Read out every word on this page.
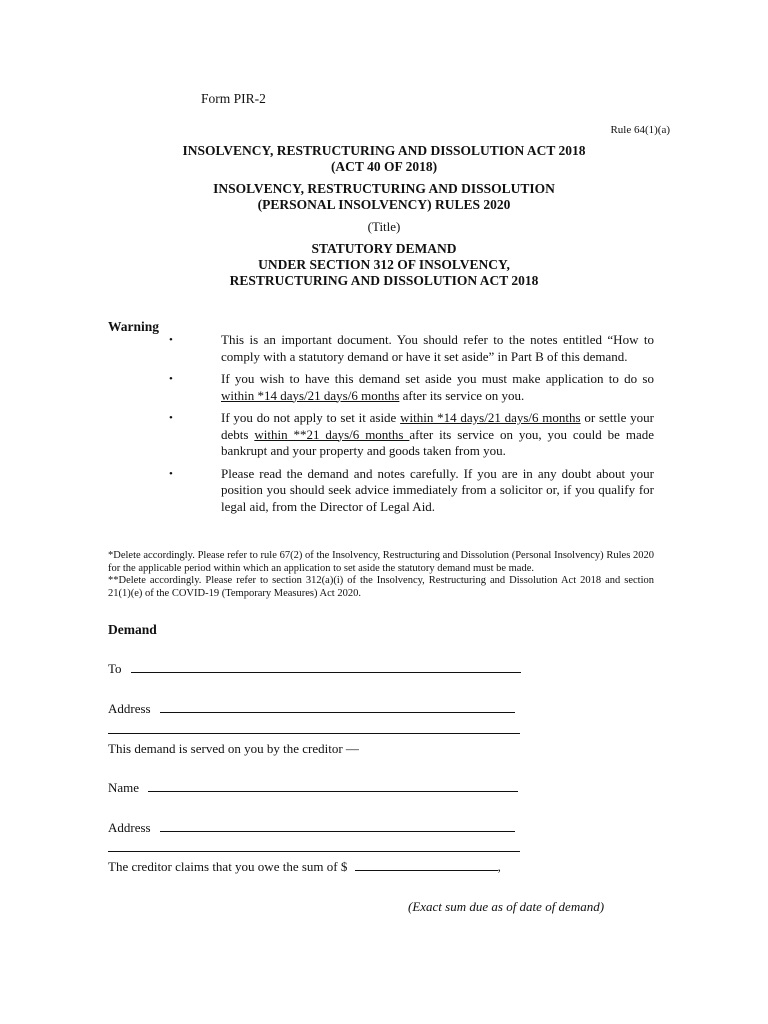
Form PIR-2
Rule 64(1)(a)
INSOLVENCY, RESTRUCTURING AND DISSOLUTION ACT 2018
(ACT 40 OF 2018)
INSOLVENCY, RESTRUCTURING AND DISSOLUTION
(PERSONAL INSOLVENCY) RULES 2020
(Title)
STATUTORY DEMAND
UNDER SECTION 312 OF INSOLVENCY,
RESTRUCTURING AND DISSOLUTION ACT 2018
Warning
•	This is an important document. You should refer to the notes entitled “How to comply with a statutory demand or have it set aside” in Part B of this demand.
•	If you wish to have this demand set aside you must make application to do so within *14 days/21 days/6 months after its service on you.
•	If you do not apply to set it aside within *14 days/21 days/6 months or settle your debts within **21 days/6 months after its service on you, you could be made bankrupt and your property and goods taken from you.
•	Please read the demand and notes carefully. If you are in any doubt about your position you should seek advice immediately from a solicitor or, if you qualify for legal aid, from the Director of Legal Aid.

*Delete accordingly. Please refer to rule 67(2) of the Insolvency, Restructuring and Dissolution (Personal Insolvency) Rules 2020 for the applicable period within which an application to set aside the statutory demand must be made.

**Delete accordingly. Please refer to section 312(a)(i) of the Insolvency, Restructuring and Dissolution Act 2018 and section 21(1)(e) of the COVID-19 (Temporary Measures) Act 2020.

Demand
To
Address
This demand is served on you by the creditor —
Name
Address
The creditor claims that you owe the sum of $	,
(Exact sum due as of date of demand)
